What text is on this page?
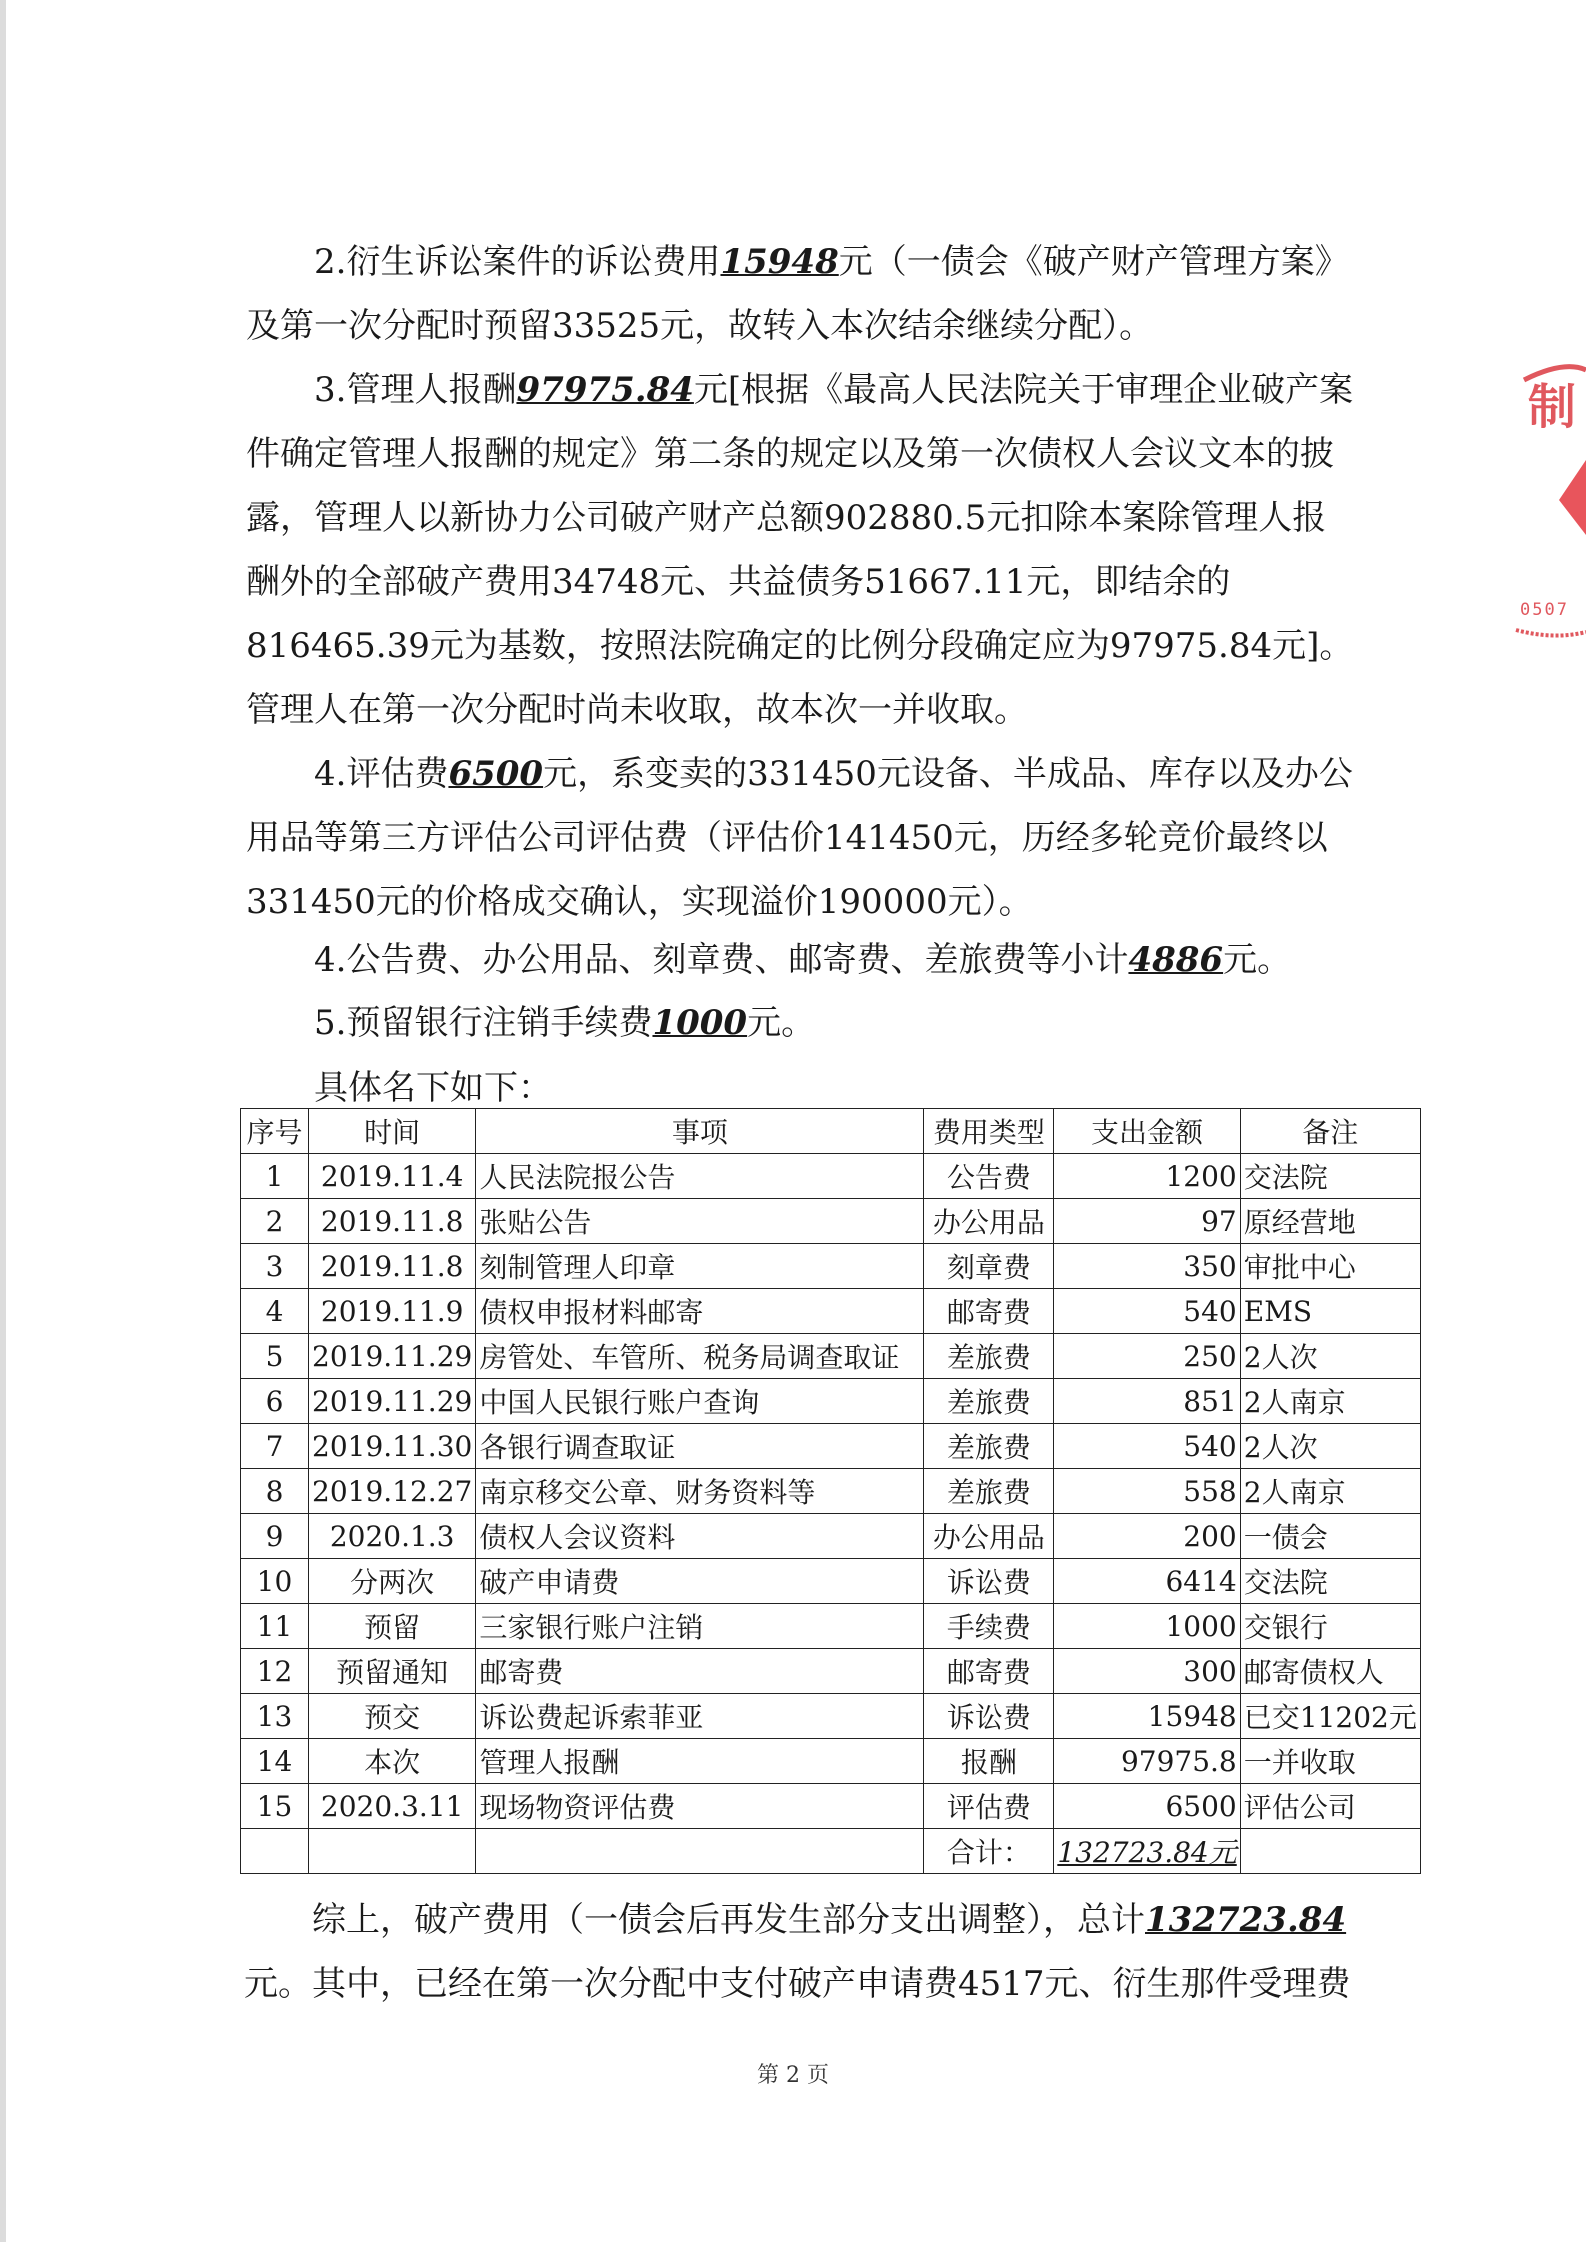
2.衍生诉讼案件的诉讼费用15948元（一债会《破产财产管理方案》及第一次分配时预留33525元，故转入本次结余继续分配）。

3.管理人报酬97975.84元[根据《最高人民法院关于审理企业破产案件确定管理人报酬的规定》第二条的规定以及第一次债权人会议文本的披露，管理人以新协力公司破产财产总额902880.5元扣除本案除管理人报酬外的全部破产费用34748元、共益债务51667.11元，即结余的816465.39元为基数，按照法院确定的比例分段确定应为97975.84元]。管理人在第一次分配时尚未收取，故本次一并收取。

4.评估费6500元，系变卖的331450元设备、半成品、库存以及办公用品等第三方评估公司评估费（评估价141450元，历经多轮竞价最终以331450元的价格成交确认，实现溢价190000元）。

4.公告费、办公用品、刻章费、邮寄费、差旅费等小计4886元。

5.预留银行注销手续费1000元。

具体名下如下：

序号	时间	事项	费用类型	支出金额	备注
1	2019.11.4	人民法院报公告	公告费	1200	交法院
2	2019.11.8	张贴公告	办公用品	97	原经营地
3	2019.11.8	刻制管理人印章	刻章费	350	审批中心
4	2019.11.9	债权申报材料邮寄	邮寄费	540	EMS
5	2019.11.29	房管处、车管所、税务局调查取证	差旅费	250	2人次
6	2019.11.29	中国人民银行账户查询	差旅费	851	2人南京
7	2019.11.30	各银行调查取证	差旅费	540	2人次
8	2019.12.27	南京移交公章、财务资料等	差旅费	558	2人南京
9	2020.1.3	债权人会议资料	办公用品	200	一债会
10	分两次	破产申请费	诉讼费	6414	交法院
11	预留	三家银行账户注销	手续费	1000	交银行
12	预留通知	邮寄费	邮寄费	300	邮寄债权人
13	预交	诉讼费起诉索菲亚	诉讼费	15948	已交11202元
14	本次	管理人报酬	报酬	97975.8	一并收取
15	2020.3.11	现场物资评估费	评估费	6500	评估公司
			合计：	132723.84元	

综上，破产费用（一债会后再发生部分支出调整），总计132723.84元。其中，已经在第一次分配中支付破产申请费4517元、衍生那件受理费

第 2 页
制
0507
